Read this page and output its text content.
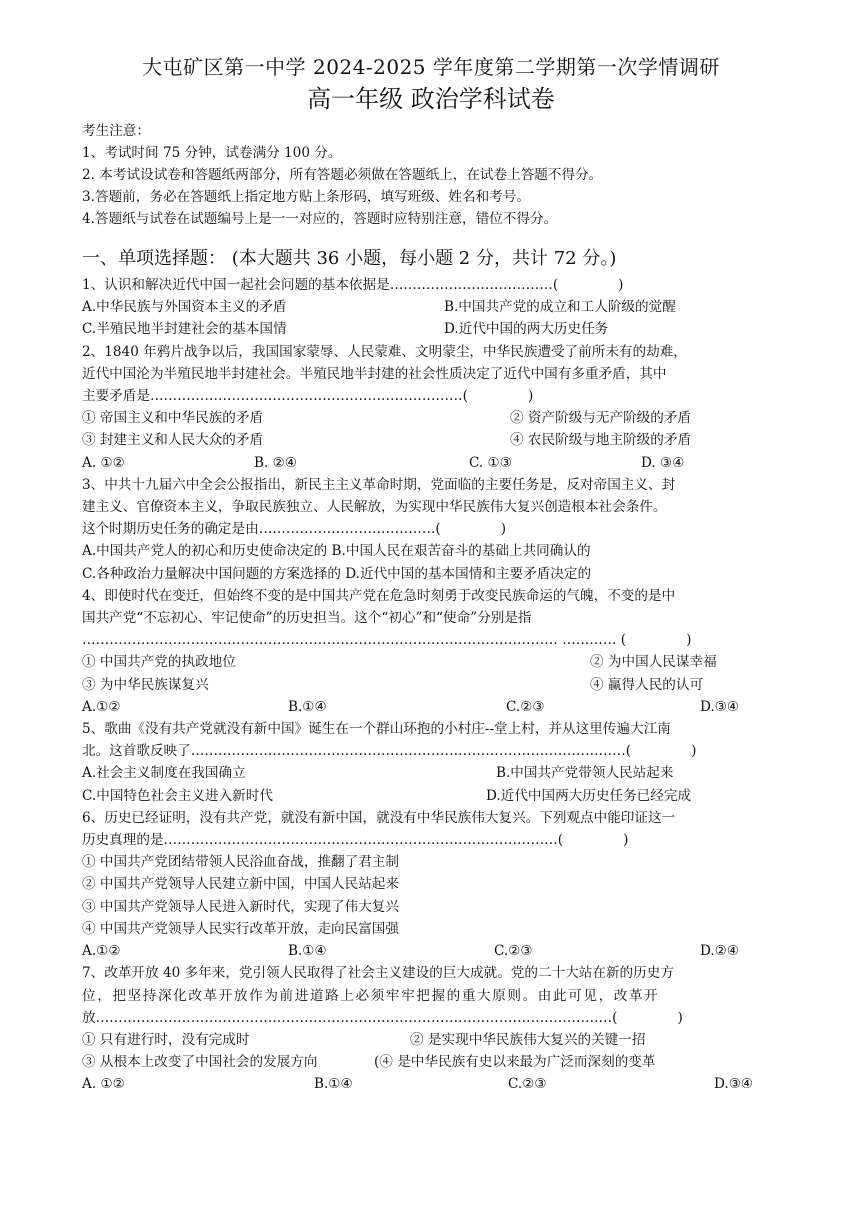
大屯矿区第一中学 2024-2025 学年度第二学期第一次学情调研
高一年级 政治学科试卷
考生注意：
1、考试时间 75 分钟，试卷满分 100 分。
2. 本考试设试卷和答题纸两部分，所有答题必须做在答题纸上，在试卷上答题不得分。
3.答题前，务必在答题纸上指定地方贴上条形码，填写班级、姓名和考号。
4.答题纸与试卷在试题编号上是一一对应的，答题时应特别注意，错位不得分。
一、单项选择题： (本大题共 36 小题，每小题 2 分，共计 72 分。)
1、认识和解决近代中国一起社会问题的基本依据是………………………………(	)
A.中华民族与外国资本主义的矛盾	B.中国共产党的成立和工人阶级的觉醒
C.半殖民地半封建社会的基本国情	D.近代中国的两大历史任务
2、1840 年鸦片战争以后，我国国家蒙辱、人民蒙难、文明蒙尘，中华民族遭受了前所未有的劫难，
近代中国沦为半殖民地半封建社会。半殖民地半封建的社会性质决定了近代中国有多重矛盾，其中
主要矛盾是……………………………………………………………(	)
① 帝国主义和中华民族的矛盾	② 资产阶级与无产阶级的矛盾
③ 封建主义和人民大众的矛盾	④ 农民阶级与地主阶级的矛盾
A. ①②	B. ②④	C. ①③	D. ③④
3、中共十九届六中全会公报指出，新民主主义革命时期，党面临的主要任务是，反对帝国主义、封
建主义、官僚资本主义，争取民族独立、人民解放，为实现中华民族伟大复兴创造根本社会条件。
这个时期历史任务的确定是由…………………………………(	)
A.中国共产党人的初心和历史使命决定的 B.中国人民在艰苦奋斗的基础上共同确认的
C.各种政治力量解决中国问题的方案选择的 D.近代中国的基本国情和主要矛盾决定的
4、即使时代在变迁，但始终不变的是中国共产党在危急时刻勇于改变民族命运的气魄，不变的是中
国共产党“不忘初心、牢记使命”的历史担当。这个“初心”和“使命”分别是指
…………………………………………………………………………………………… ………… (	)
① 中国共产党的执政地位	② 为中国人民谋幸福
③ 为中华民族谋复兴	④ 赢得人民的认可
A.①②	B.①④	C.②③	D.③④
5、歌曲《没有共产党就没有新中国》诞生在一个群山环抱的小村庄--堂上村，并从这里传遍大江南
北。这首歌反映了……………………………………………………………………………………(	)
A.社会主义制度在我国确立	B.中国共产党带领人民站起来
C.中国特色社会主义进入新时代	D.近代中国两大历史任务已经完成
6、历史已经证明，没有共产党，就没有新中国，就没有中华民族伟大复兴。下列观点中能印证这一
历史真理的是……………………………………………………………………………(	)
① 中国共产党团结带领人民浴血奋战，推翻了君主制
② 中国共产党领导人民建立新中国，中国人民站起来
③ 中国共产党领导人民进入新时代，实现了伟大复兴
④ 中国共产党领导人民实行改革开放，走向民富国强
A.①②	B.①④	C.②③	D.②④
7、改革开放 40 多年来，党引领人民取得了社会主义建设的巨大成就。党的二十大站在新的历史方
位，把坚持深化改革开放作为前进道路上必须牢牢把握的重大原则。由此可见，改革开
放……………………………………………………………………………………………………(	)
① 只有进行时，没有完成时	② 是实现中华民族伟大复兴的关键一招
③ 从根本上改变了中国社会的发展方向	(④ 是中华民族有史以来最为广泛而深刻的变革
A. ①②	B.①④	C.②③	D.③④
